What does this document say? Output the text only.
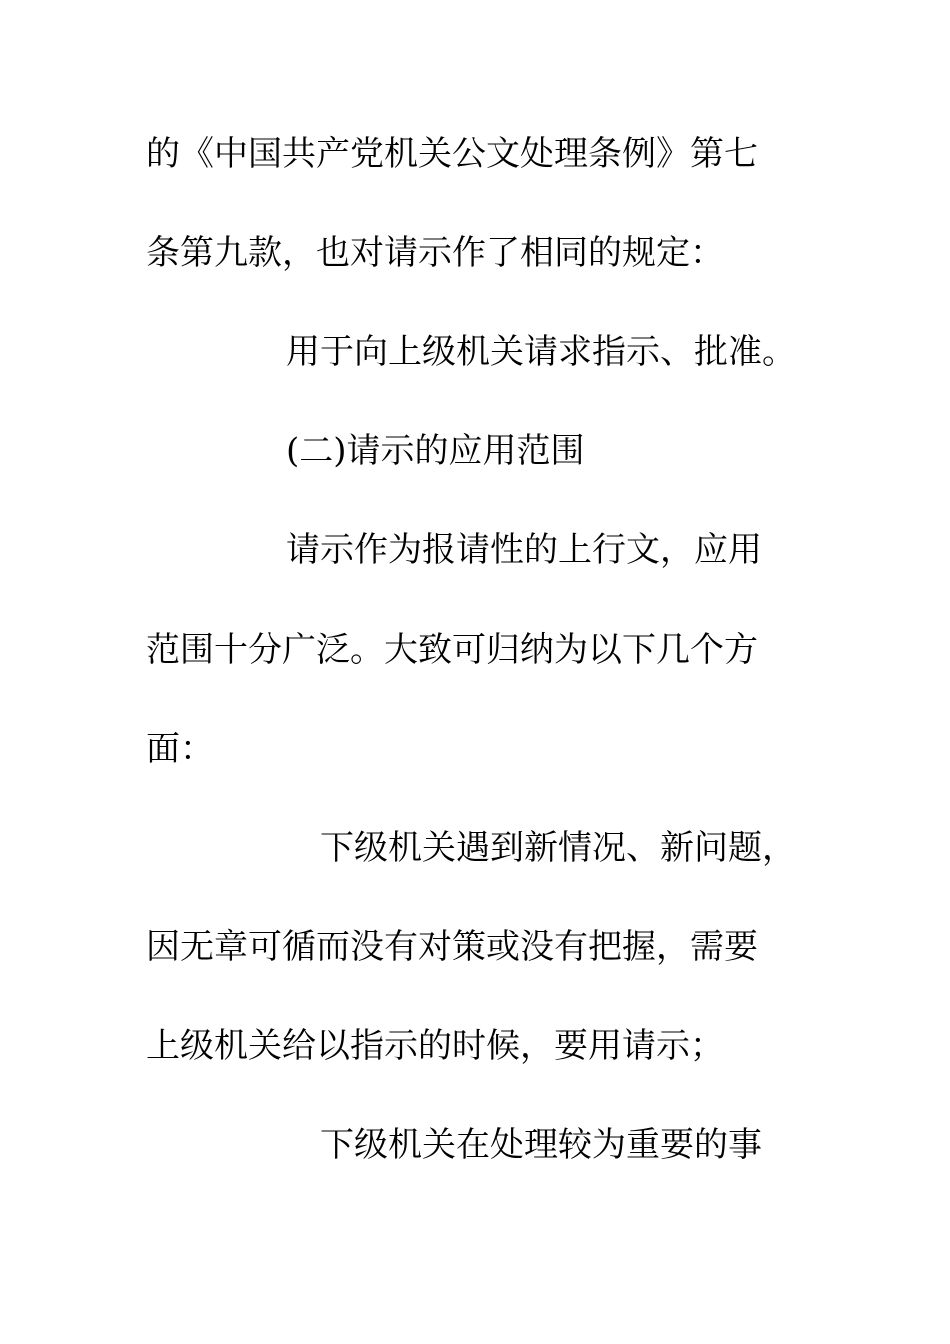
的《中国共产党机关公文处理条例》第七
条第九款，也对请示作了相同的规定：
用于向上级机关请求指示、批准。
(二)请示的应用范围
请示作为报请性的上行文，应用
范围十分广泛。大致可归纳为以下几个方
面：
下级机关遇到新情况、新问题，
因无章可循而没有对策或没有把握，需要
上级机关给以指示的时候，要用请示；
下级机关在处理较为重要的事
